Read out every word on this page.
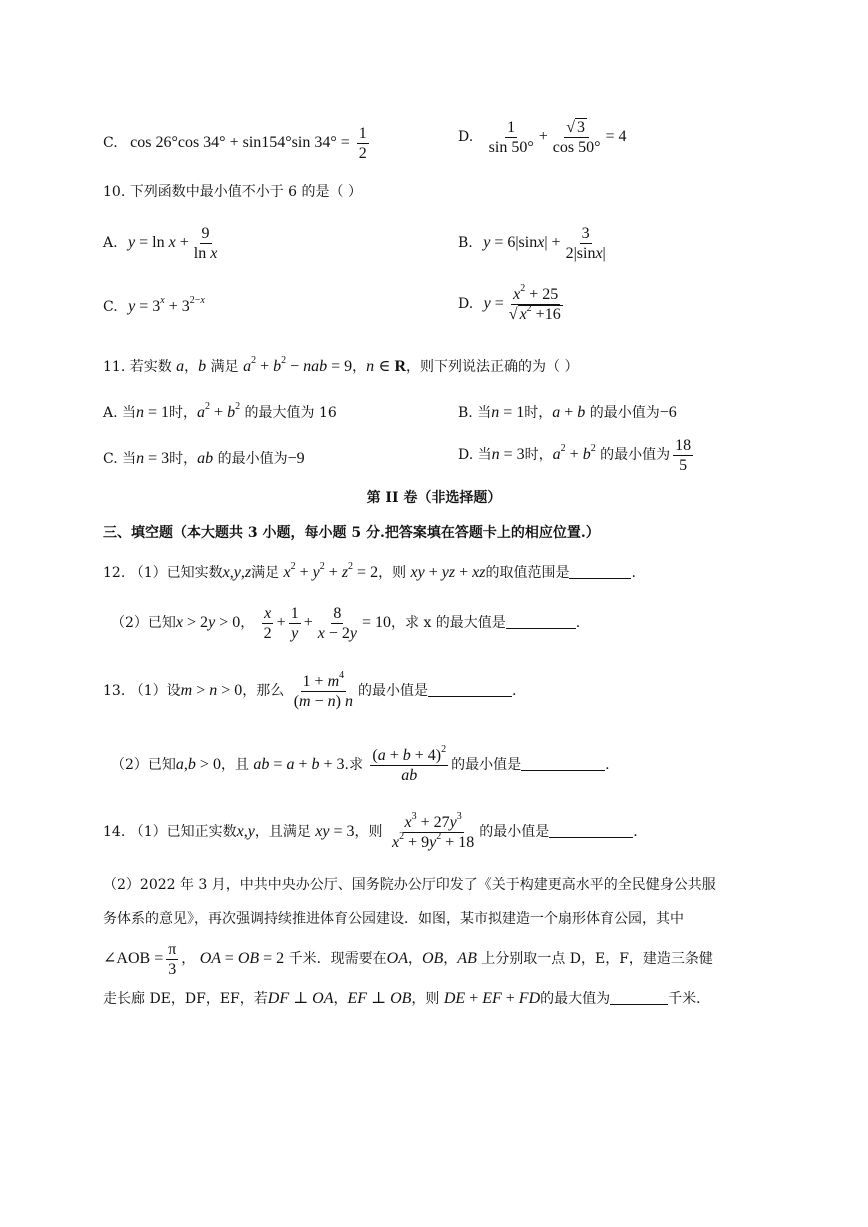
C. cos 26°cos 34° + sin154°sin $34^\circ = \frac{1}{2}$	D. $\frac{1}{\sin 50^\circ} + \frac{√ 3}{\cos 50^\circ} = 4$
10. 下列函数中最小值不小于 6 的是（ ）
A. $y = \ln x + \frac{9}{\text{ln x}}$	B. $y = 6|\sin x| + \frac{3}{2|\sin x|}$
C. $y = 3^x + 3^{2-x}$	D. $y = \frac{x^2 + 25}{√ x^2 +16}$
11. 若实数 a，b 满足 $a^2 + b^2$ − nab = 9，n ∈ R，则下列说法正确的为（ ）
A. 当n = 1时，$a^2 + b^2$ 的最大值为 16	B. 当n = 1时，a + b 的最小值为−6
C. 当n = 3时，ab 的最小值为−9	D. 当n = 3时，$a^2 + b^2$ 的最小值为 $\frac{18}{5}$
第 II 卷（非选择题）
三、填空题（本大题共 3 小题，每小题 5 分.把答案填在答题卡上的相应位置.）
12. （1）已知实数x,y,z满足 $x^2 + y^2 + z^2 = 2$，则 xy + yz + xz的取值范围是	.
（2）已知x > 2y > 0， $\frac{x}{2} + \frac{1}{y} + \frac{8}{x - 2y} = 10$，求 x 的最大值是	.
13. （1）设m > n > 0，那么 $\frac{1 + m^4}{(m - n) n}$ 的最小值是	.
（2）已知a,b > 0，且 ab = a + b + 3.求 $\frac{(a + b + 4)^2}{ab}$ 的最小值是	.
14. （1）已知正实数x,y，且满足 xy = 3，则 $\frac{x^3 + 27y^3}{x^2 + 9y^2 + 18}$ 的最小值是	.
（2）2022 年 3 月，中共中央办公厅、国务院办公厅印发了《关于构建更高水平的全民健身公共服
务体系的意见》，再次强调持续推进体育公园建设．如图，某市拟建造一个扇形体育公园，其中
∠AOB = $\frac{\pi}{3}$ ， OA = OB = 2 千米．现需要在OA，OB，AB 上分别取一点 D，E，F，建造三条健
走长廊 DE，DF，EF，若DF ⊥ OA，EF ⊥ OB，则 DE + EF + FD的最大值为	千米．
